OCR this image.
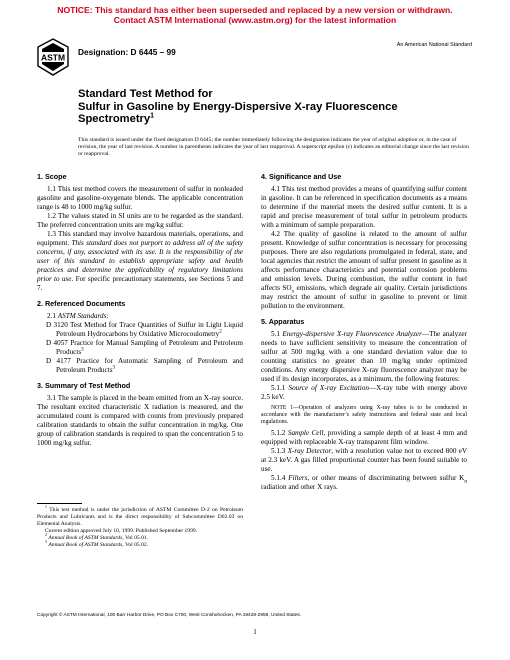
NOTICE: This standard has either been superseded and replaced by a new version or withdrawn.
Contact ASTM International (www.astm.org) for the latest information
ASTM
Designation: D 6445 – 99
An American National Standard
Standard Test Method for
Sulfur in Gasoline by Energy-Dispersive X-ray Fluorescence
Spectrometry$^1$
This standard is issued under the fixed designation D 6445; the number immediately following the designation indicates the year of original adoption or, in the case of revision, the year of last revision. A number in parentheses indicates the year of last reapproval. A superscript epsilon (ε) indicates an editorial change since the last revision or reapproval.
1. Scope

1.1 This test method covers the measurement of sulfur in nonleaded gasoline and gasoline-oxygenate blends. The applicable concentration range is 48 to 1000 mg/kg sulfur.

1.2 The values stated in SI units are to be regarded as the standard. The preferred concentration units are mg/kg sulfur.

1.3 This standard may involve hazardous materials, operations, and equipment. This standard does not purport to address all of the safety concerns, if any, associated with its use. It is the responsibility of the user of this standard to establish appropriate safety and health practices and determine the applicability of regulatory limitations prior to use. For specific precautionary statements, see Sections 5 and 7.

2. Referenced Documents

2.1 ASTM Standards:

D 3120 Test Method for Trace Quantities of Sulfur in Light Liquid Petroleum Hydrocarbons by Oxidative Microcoulometry$^2$

D 4057 Practice for Manual Sampling of Petroleum and Petroleum Products$^3$

D 4177 Practice for Automatic Sampling of Petroleum and Petroleum Products$^3$

3. Summary of Test Method

3.1 The sample is placed in the beam emitted from an X-ray source. The resultant excited characteristic X radiation is measured, and the accumulated count is compared with counts from previously prepared calibration standards to obtain the sulfur concentration in mg/kg. One group of calibration standards is required to span the concentration 5 to 1000 mg/kg sulfur.

$^1$ This test method is under the jurisdiction of ASTM Committee D-2 on Petroleum Products and Lubricants and is the direct responsibility of Subcommittee D02.03 on Elemental Analysis.

Current edition approved July 10, 1999. Published September 1999.

$^2$ Annual Book of ASTM Standards, Vol 05.01.

$^3$ Annual Book of ASTM Standards, Vol 05.02.

4. Significance and Use

4.1 This test method provides a means of quantifying sulfur content in gasoline. It can be referenced in specification documents as a means to determine if the material meets the desired sulfur content. It is a rapid and precise measurement of total sulfur in petroleum products with a minimum of sample preparation.

4.2 The quality of gasoline is related to the amount of sulfur present. Knowledge of sulfur concentration is necessary for processing purposes. There are also regulations promulgated in federal, state, and local agencies that restrict the amount of sulfur present in gasoline as it affects performance characteristics and potential corrosion problems and emission levels. During combustion, the sulfur content in fuel affects $SO_x$ emissions, which degrade air quality. Certain jurisdictions may restrict the amount of sulfur in gasoline to prevent or limit pollution to the environment.

5. Apparatus

5.1 Energy-dispersive X-ray Fluorescence Analyzer—The analyzer needs to have sufficient sensitivity to measure the concentration of sulfur at 500 mg/kg with a one standard deviation value due to counting statistics no greater than 10 mg/kg under optimized conditions. Any energy dispersive X-ray fluorescence analyzer may be used if its design incorporates, as a minimum, the following features:

5.1.1 Source of X-ray Excitation—X-ray tube with energy above 2.5 keV.

NOTE 1—Operation of analyzers using X-ray tubes is to be conducted in accordance with the manufacturer’s safety instructions and federal state and local regulations.

5.1.2 Sample Cell, providing a sample depth of at least 4 mm and equipped with replaceable X-ray transparent film window.

5.1.3 X-ray Detector, with a resolution value not to exceed 800 eV at 2.3 keV. A gas filled proportional counter has been found suitable to use.

5.1.4 Filters, or other means of discriminating between sulfur $K_\alpha$ radiation and other X rays.

Copyright © ASTM International, 100 Barr Harbor Drive, PO Box C700, West Conshohocken, PA 19428-2959, United States.
1
